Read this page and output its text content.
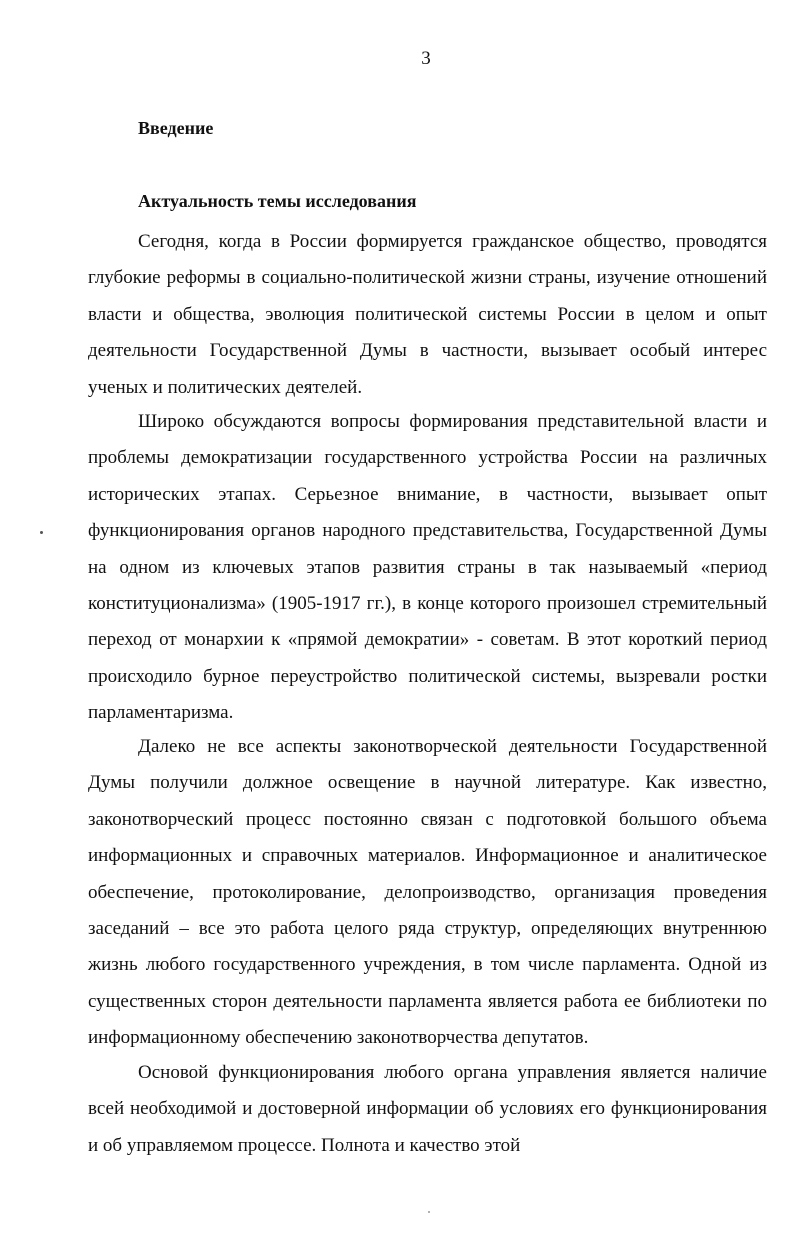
3
Введение
Актуальность темы исследования

Сегодня, когда в России формируется гражданское общество, проводятся глубокие реформы в социально-политической жизни страны, изучение отношений власти и общества, эволюция политической системы России в целом и опыт деятельности Государственной Думы в частности, вызывает особый интерес ученых и политических деятелей.

Широко обсуждаются вопросы формирования представительной власти и проблемы демократизации государственного устройства России на различных исторических этапах. Серьезное внимание, в частности, вызывает опыт функционирования органов народного представительства, Государственной Думы на одном из ключевых этапов развития страны в так называемый «период конституционализма» (1905-1917 гг.), в конце которого произошел стремительный переход от монархии к «прямой демократии» - советам. В этот короткий период происходило бурное переустройство политической системы, вызревали ростки парламентаризма.

Далеко не все аспекты законотворческой деятельности Государственной Думы получили должное освещение в научной литературе. Как известно, законотворческий процесс постоянно связан с подготовкой большого объема информационных и справочных материалов. Информационное и аналитическое обеспечение, протоколирование, делопроизводство, организация проведения заседаний – все это работа целого ряда структур, определяющих внутреннюю жизнь любого государственного учреждения, в том числе парламента. Одной из существенных сторон деятельности парламента является работа ее библиотеки по информационному обеспечению законотворчества депутатов.

Основой функционирования любого органа управления является наличие всей необходимой и достоверной информации об условиях его функционирования и об управляемом процессе. Полнота и качество этой
